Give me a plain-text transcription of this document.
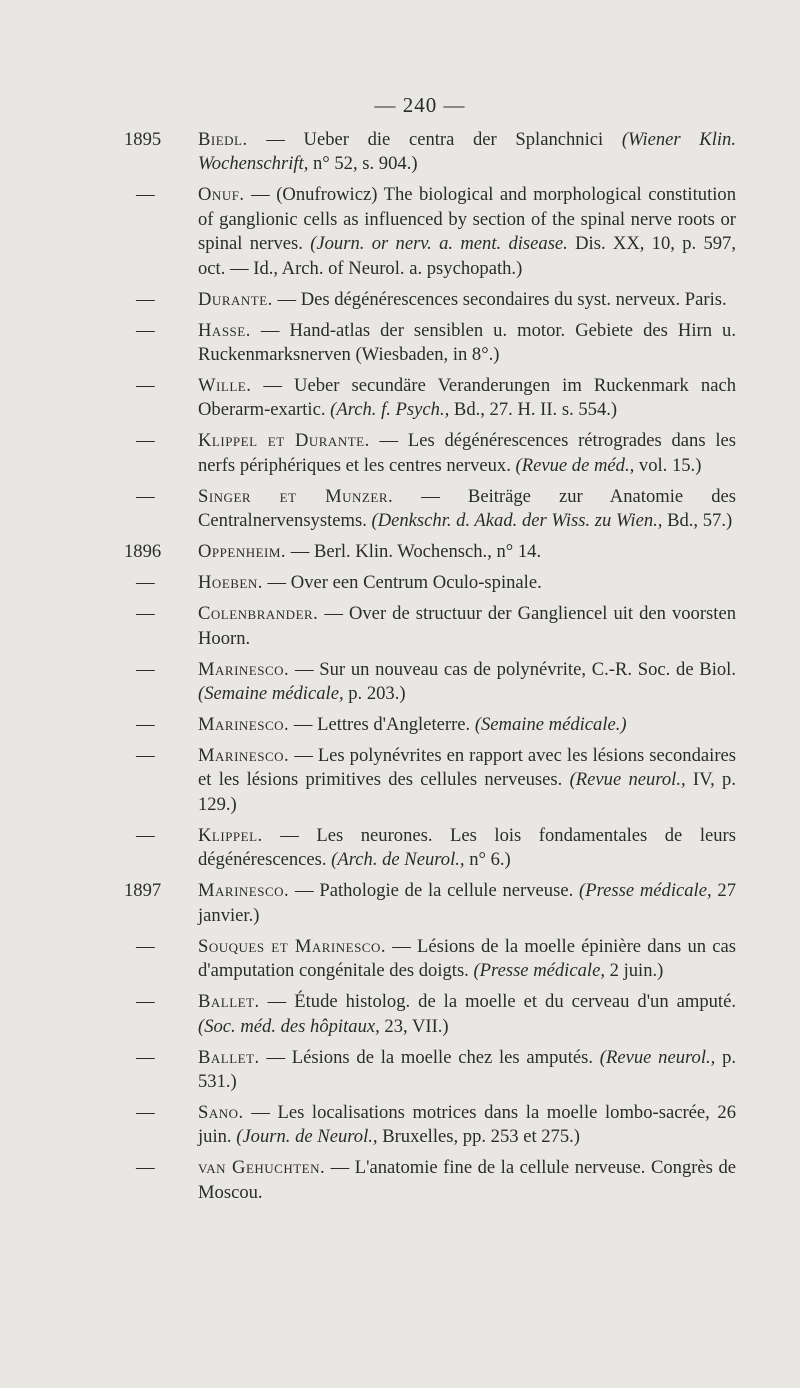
— 240 —
1895	Biedl. — Ueber die centra der Splanchnici (Wiener Klin. Wochenschrift, n° 52, s. 904.)
—	Onuf. — (Onufrowicz) The biological and morphological constitution of ganglionic cells as influenced by section of the spinal nerve roots or spinal nerves. (Journ. or nerv. a. ment. disease. Dis. XX, 10, p. 597, oct. — Id., Arch. of Neurol. a. psychopath.)
—	Durante. — Des dégénérescences secondaires du syst. nerveux. Paris.
—	Hasse. — Hand-atlas der sensiblen u. motor. Gebiete des Hirn u. Ruckenmarksnerven (Wiesbaden, in 8°.)
—	Wille. — Ueber secundäre Veranderungen im Ruckenmark nach Oberarm-exartic. (Arch. f. Psych., Bd., 27. H. II. s. 554.)
—	Klippel et Durante. — Les dégénérescences rétrogrades dans les nerfs périphériques et les centres nerveux. (Revue de méd., vol. 15.)
—	Singer et Munzer. — Beiträge zur Anatomie des Centralnervensystems. (Denkschr. d. Akad. der Wiss. zu Wien., Bd., 57.)
1896	Oppenheim. — Berl. Klin. Wochensch., n° 14.
—	Hoeben. — Over een Centrum Oculo-spinale.
—	Colenbrander. — Over de structuur der Gangliencel uit den voorsten Hoorn.
—	Marinesco. — Sur un nouveau cas de polynévrite, C.-R. Soc. de Biol. (Semaine médicale, p. 203.)
—	Marinesco. — Lettres d'Angleterre. (Semaine médicale.)
—	Marinesco. — Les polynévrites en rapport avec les lésions secondaires et les lésions primitives des cellules nerveuses. (Revue neurol., IV, p. 129.)
—	Klippel. — Les neurones. Les lois fondamentales de leurs dégénérescences. (Arch. de Neurol., n° 6.)
1897	Marinesco. — Pathologie de la cellule nerveuse. (Presse médicale, 27 janvier.)
—	Souques et Marinesco. — Lésions de la moelle épinière dans un cas d'amputation congénitale des doigts. (Presse médicale, 2 juin.)
—	Ballet. — Étude histolog. de la moelle et du cerveau d'un amputé. (Soc. méd. des hôpitaux, 23, VII.)
—	Ballet. — Lésions de la moelle chez les amputés. (Revue neurol., p. 531.)
—	Sano. — Les localisations motrices dans la moelle lombo-sacrée, 26 juin. (Journ. de Neurol., Bruxelles, pp. 253 et 275.)
—	van Gehuchten. — L'anatomie fine de la cellule nerveuse. Congrès de Moscou.
